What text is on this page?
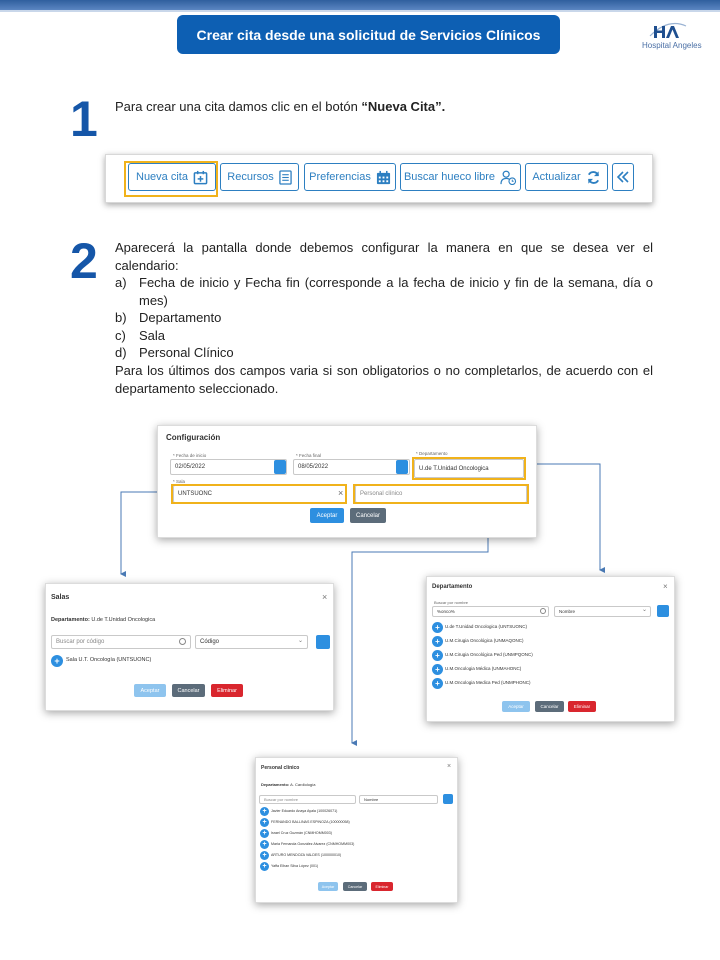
Crear cita desde una solicitud de Servicios Clínicos
Hospital Angeles
1 Para crear una cita damos clic en el botón “Nueva Cita”.
Nueva cita	Recursos	Preferencias	Buscar hueco libre	Actualizar
2 Aparecerá la pantalla donde debemos configurar la manera en que se desea ver el calendario:
a) Fecha de inicio y Fecha fin (corresponde a la fecha de inicio y fin de la semana, día o mes)
b) Departamento
c) Sala
d) Personal Clínico
Para los últimos dos campos varia si son obligatorios o no completarlos, de acuerdo con el departamento seleccionado.
Configuración
* Fecha de inicio
02/05/2022
* Fecha final
08/05/2022
* Departamento
U.de T.Unidad Oncologica
* Sala
UNTSUONC	×	Personal clínico
Aceptar	Cancelar
Salas	×
Departamento: U.de T.Unidad Oncologica
Buscar por código	Código	⌄
+	Sala U.T. Oncología (UNTSUONC)
Aceptar	Cancelar	Eliminar
Departamento	×
Buscar por nombre
%onco%	Nombre	⌄
+	U.de T.Unidad Oncologica (UNTSUONC)
+	U.M.Cirugia Oncológica (UNMAQONC)
+	U.M.Cirugia Oncológica Ped (UNMPQONC)
+	U.M.Oncologia Médica (UNMAHONC)
+	U.M.Oncologia Medica Ped (UNMPHONC)
Aceptar	Cancelar	Eliminar
Personal clínico	×
Departamento: A. Cardiología
Buscar por nombre	Nombre
+	Javier Eduardo Anaya Ayala (100026071)
+	FERNANDO BALLINAS ESPINOZA (100000058)
+	Israel Cruz Guzmán (CNMHOMM003)
+	Maria Fernanda González Alvarez (CNMHOMM003)
+	ARTURO MENDOZA VALDES (100000010)
+	Yaffa Elhan Silva López (001)
Aceptar	Cancelar	Eliminar
